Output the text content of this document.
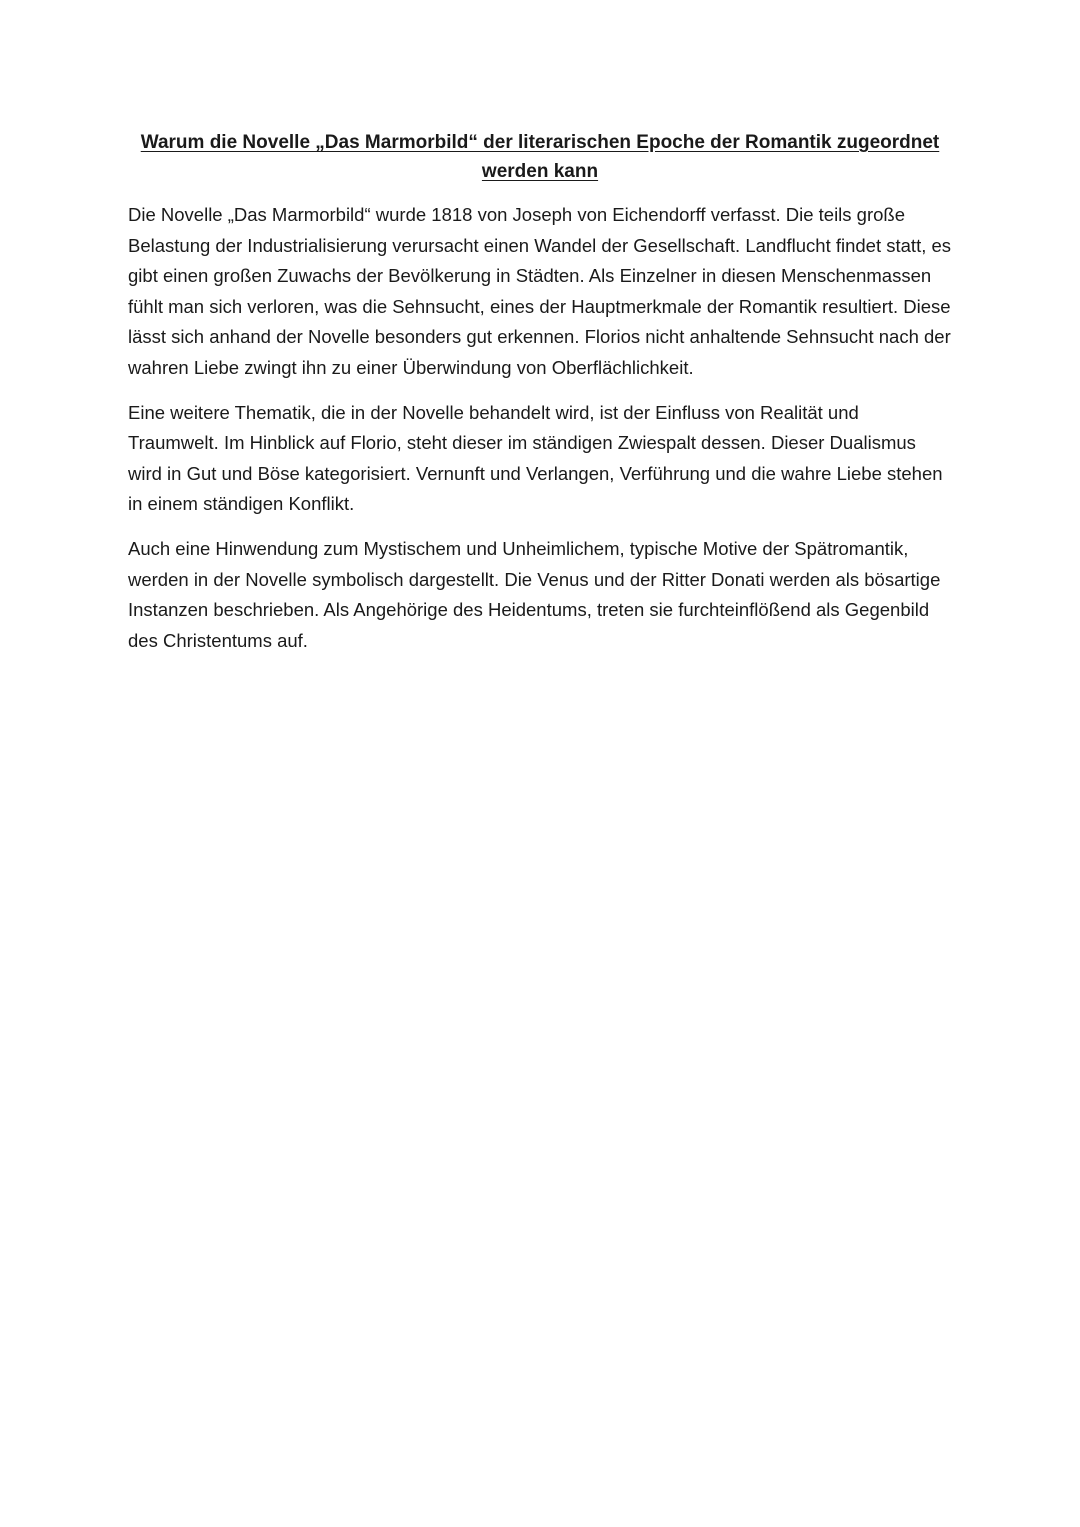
Warum die Novelle „Das Marmorbild“ der literarischen Epoche der Romantik zugeordnet werden kann

Die Novelle „Das Marmorbild“ wurde 1818 von Joseph von Eichendorff verfasst. Die teils große Belastung der Industrialisierung verursacht einen Wandel der Gesellschaft. Landflucht findet statt, es gibt einen großen Zuwachs der Bevölkerung in Städten. Als Einzelner in diesen Menschenmassen fühlt man sich verloren, was die Sehnsucht, eines der Hauptmerkmale der Romantik resultiert. Diese lässt sich anhand der Novelle besonders gut erkennen. Florios nicht anhaltende Sehnsucht nach der wahren Liebe zwingt ihn zu einer Überwindung von Oberflächlichkeit.

Eine weitere Thematik, die in der Novelle behandelt wird, ist der Einfluss von Realität und Traumwelt. Im Hinblick auf Florio, steht dieser im ständigen Zwiespalt dessen. Dieser Dualismus wird in Gut und Böse kategorisiert. Vernunft und Verlangen, Verführung und die wahre Liebe stehen in einem ständigen Konflikt.

Auch eine Hinwendung zum Mystischem und Unheimlichem, typische Motive der Spätromantik, werden in der Novelle symbolisch dargestellt. Die Venus und der Ritter Donati werden als bösartige Instanzen beschrieben. Als Angehörige des Heidentums, treten sie furchteinflößend als Gegenbild des Christentums auf.
